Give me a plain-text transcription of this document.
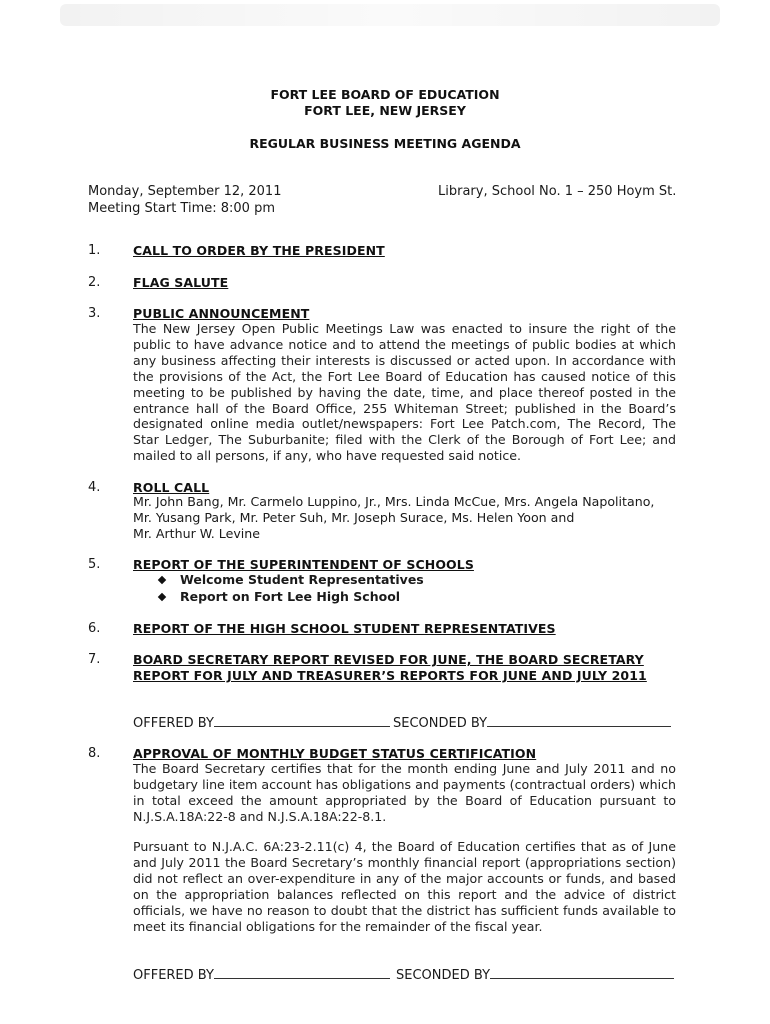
FORT LEE BOARD OF EDUCATION
FORT LEE, NEW JERSEY
REGULAR BUSINESS MEETING AGENDA
Monday, September 12, 2011
Meeting Start Time: 8:00 pm
Library, School No. 1 – 250 Hoym St.
1.	CALL TO ORDER BY THE PRESIDENT
2.	FLAG SALUTE
3.	PUBLIC ANNOUNCEMENT
The New Jersey Open Public Meetings Law was enacted to insure the right of the public to have advance notice and to attend the meetings of public bodies at which any business affecting their interests is discussed or acted upon. In accordance with the provisions of the Act, the Fort Lee Board of Education has caused notice of this meeting to be published by having the date, time, and place thereof posted in the entrance hall of the Board Office, 255 Whiteman Street; published in the Board’s designated online media outlet/newspapers: Fort Lee Patch.com, The Record, The Star Ledger, The Suburbanite; filed with the Clerk of the Borough of Fort Lee; and mailed to all persons, if any, who have requested said notice.
4.	ROLL CALL
Mr. John Bang, Mr. Carmelo Luppino, Jr., Mrs. Linda McCue, Mrs. Angela Napolitano,
Mr. Yusang Park, Mr. Peter Suh, Mr. Joseph Surace, Ms. Helen Yoon and
Mr. Arthur W. Levine
5.	REPORT OF THE SUPERINTENDENT OF SCHOOLS
Welcome Student Representatives
Report on Fort Lee High School
6.	REPORT OF THE HIGH SCHOOL STUDENT REPRESENTATIVES
7.	BOARD SECRETARY REPORT REVISED FOR JUNE, THE BOARD SECRETARY
REPORT FOR JULY AND TREASURER’S REPORTS FOR JUNE AND JULY 2011
OFFERED BY	SECONDED BY
8.	APPROVAL OF MONTHLY BUDGET STATUS CERTIFICATION
The Board Secretary certifies that for the month ending June and July 2011 and no budgetary line item account has obligations and payments (contractual orders) which in total exceed the amount appropriated by the Board of Education pursuant to N.J.S.A.18A:22-8 and N.J.S.A.18A:22-8.1.
Pursuant to N.J.A.C. 6A:23-2.11(c) 4, the Board of Education certifies that as of June and July 2011 the Board Secretary’s monthly financial report (appropriations section) did not reflect an over-expenditure in any of the major accounts or funds, and based on the appropriation balances reflected on this report and the advice of district officials, we have no reason to doubt that the district has sufficient funds available to meet its financial obligations for the remainder of the fiscal year.
OFFERED BY	SECONDED BY
